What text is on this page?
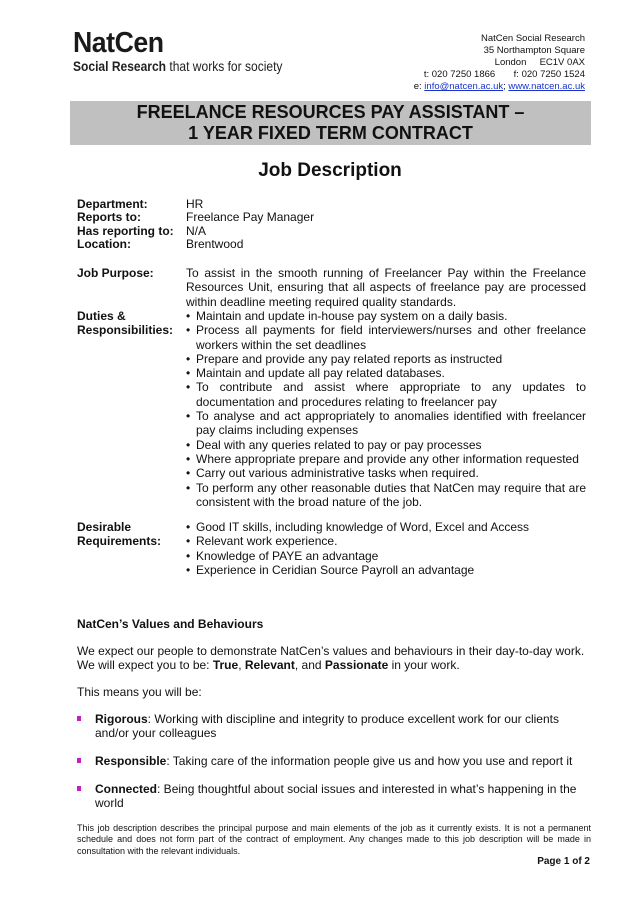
NatCen
Social Research that works for society
NatCen Social Research
35 Northampton Square
London EC1V 0AX
t: 020 7250 1866 f: 020 7250 1524
e: info@natcen.ac.uk; www.natcen.ac.uk
FREELANCE RESOURCES PAY ASSISTANT –
1 YEAR FIXED TERM CONTRACT
Job Description
Department:	HR
Reports to:	Freelance Pay Manager
Has reporting to: N/A
Location:	Brentwood
Job Purpose:	To assist in the smooth running of Freelancer Pay within the Freelance Resources Unit, ensuring that all aspects of freelance pay are processed within deadline meeting required quality standards.
Duties &
Responsibilities:
• Maintain and update in-house pay system on a daily basis.
• Process all payments for field interviewers/nurses and other freelance workers within the set deadlines
• Prepare and provide any pay related reports as instructed
• Maintain and update all pay related databases.
• To contribute and assist where appropriate to any updates to documentation and procedures relating to freelancer pay
• To analyse and act appropriately to anomalies identified with freelancer pay claims including expenses
• Deal with any queries related to pay or pay processes
• Where appropriate prepare and provide any other information requested
• Carry out various administrative tasks when required.
• To perform any other reasonable duties that NatCen may require that are consistent with the broad nature of the job.
Desirable
Requirements:
• Good IT skills, including knowledge of Word, Excel and Access
• Relevant work experience.
• Knowledge of PAYE an advantage
• Experience in Ceridian Source Payroll an advantage
NatCen’s Values and Behaviours
We expect our people to demonstrate NatCen’s values and behaviours in their day-to-day work.
We will expect you to be: True, Relevant, and Passionate in your work.
This means you will be:
Rigorous: Working with discipline and integrity to produce excellent work for our clients and/or your colleagues
Responsible: Taking care of the information people give us and how you use and report it
Connected: Being thoughtful about social issues and interested in what’s happening in the world
This job description describes the principal purpose and main elements of the job as it currently exists. It is not a permanent schedule and does not form part of the contract of employment. Any changes made to this job description will be made in consultation with the relevant individuals.
Page 1 of 2
